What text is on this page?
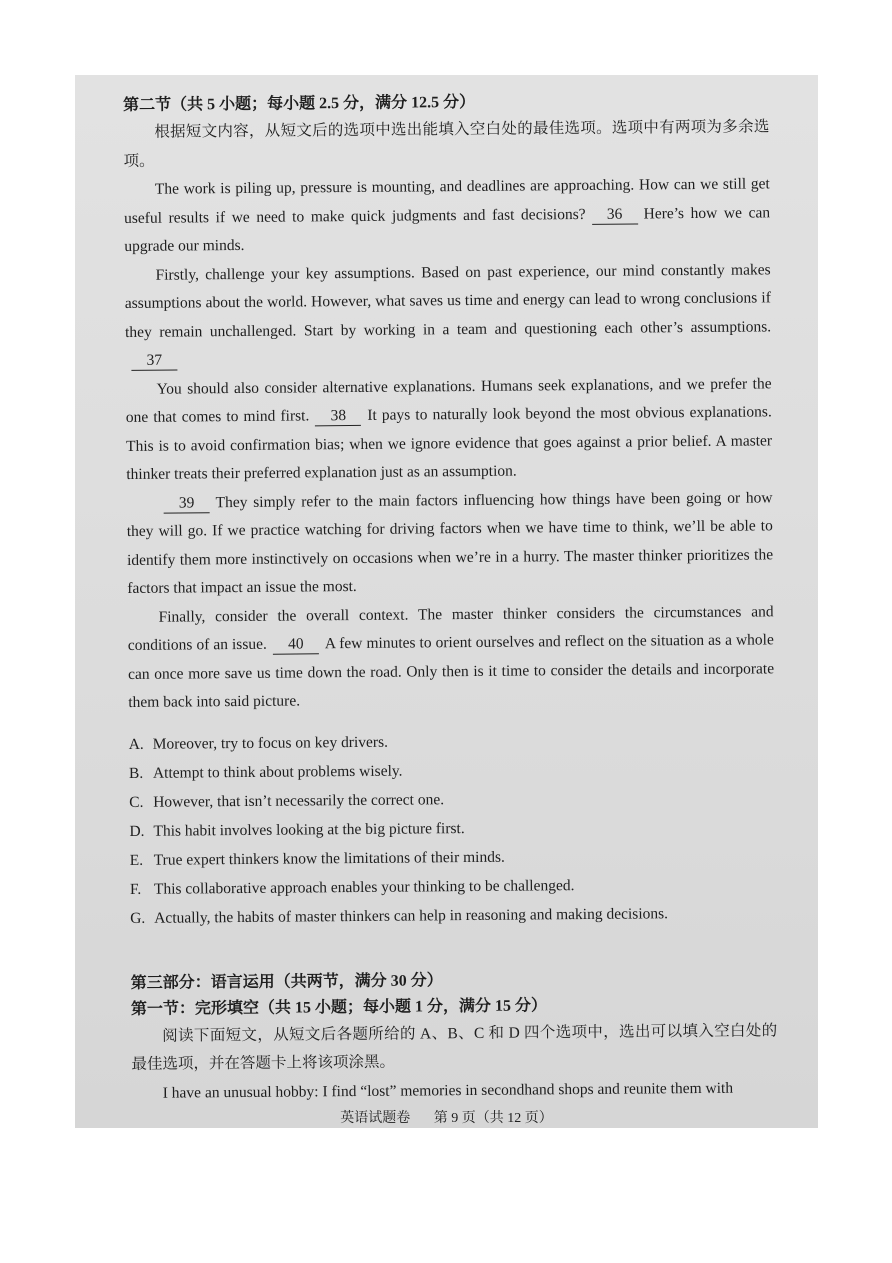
第二节（共 5 小题；每小题 2.5 分，满分 12.5 分）

根据短文内容，从短文后的选项中选出能填入空白处的最佳选项。选项中有两项为多余选项。

The work is piling up, pressure is mounting, and deadlines are approaching. How can we still get useful results if we need to make quick judgments and fast decisions? 36 Here’s how we can upgrade our minds.

Firstly, challenge your key assumptions. Based on past experience, our mind constantly makes assumptions about the world. However, what saves us time and energy can lead to wrong conclusions if they remain unchallenged. Start by working in a team and questioning each other’s assumptions.37

You should also consider alternative explanations. Humans seek explanations, and we prefer the one that comes to mind first. 38 It pays to naturally look beyond the most obvious explanations. This is to avoid confirmation bias; when we ignore evidence that goes against a prior belief. A master thinker treats their preferred explanation just as an assumption.

39 They simply refer to the main factors influencing how things have been going or how they will go. If we practice watching for driving factors when we have time to think, we’ll be able to identify them more instinctively on occasions when we’re in a hurry. The master thinker prioritizes the factors that impact an issue the most.

Finally, consider the overall context. The master thinker considers the circumstances and conditions of an issue. 40 A few minutes to orient ourselves and reflect on the situation as a whole can once more save us time down the road. Only then is it time to consider the details and incorporate them back into said picture.

A. Moreover, try to focus on key drivers.
B. Attempt to think about problems wisely.
C. However, that isn’t necessarily the correct one.
D. This habit involves looking at the big picture first.
E. True expert thinkers know the limitations of their minds.
F. This collaborative approach enables your thinking to be challenged.
G. Actually, the habits of master thinkers can help in reasoning and making decisions.

第三部分：语言运用（共两节，满分 30 分）

第一节：完形填空（共 15 小题；每小题 1 分，满分 15 分）

阅读下面短文，从短文后各题所给的 A、B、C 和 D 四个选项中，选出可以填入空白处的最佳选项，并在答题卡上将该项涂黑。

I have an unusual hobby: I find “lost” memories in secondhand shops and reunite them with

英语试题卷 第 9 页（共 12 页）
